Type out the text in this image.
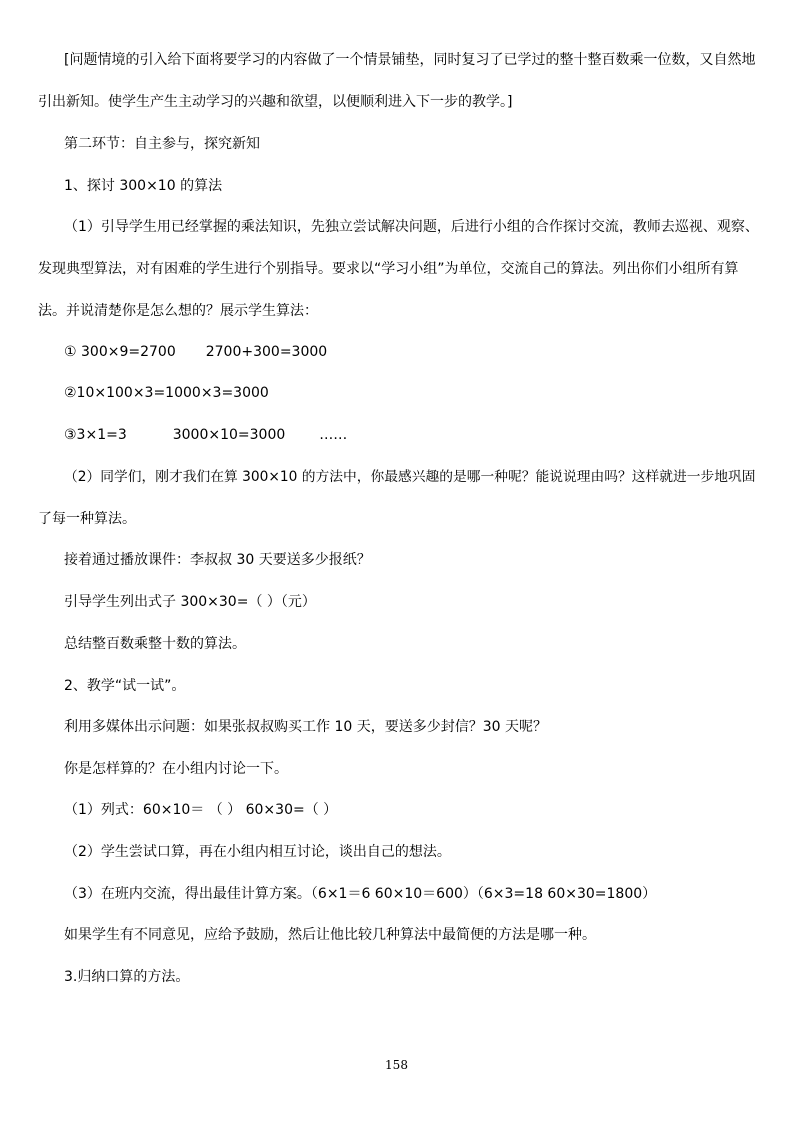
[问题情境的引入给下面将要学习的内容做了一个情景铺垫，同时复习了已学过的整十整百数乘一位数，又自然地
引出新知。使学生产生主动学习的兴趣和欲望，以便顺利进入下一步的教学。]
第二环节：自主参与，探究新知
1、探讨 300×10 的算法
（1）引导学生用已经掌握的乘法知识，先独立尝试解决问题，后进行小组的合作探讨交流，教师去巡视、观察、
发现典型算法，对有困难的学生进行个别指导。要求以“学习小组”为单位，交流自己的算法。列出你们小组所有算
法。并说清楚你是怎么想的？展示学生算法：
① 300×9=2700 2700+300=3000
②10×100×3=1000×3=3000
③3×1=3	3000×10=3000 ……
（2）同学们，刚才我们在算 300×10 的方法中，你最感兴趣的是哪一种呢？能说说理由吗？这样就进一步地巩固
了每一种算法。
接着通过播放课件：李叔叔 30 天要送多少报纸？
引导学生列出式子 300×30=（ ）（元）
总结整百数乘整十数的算法。
2、教学“试一试”。
利用多媒体出示问题：如果张叔叔购买工作 10 天，要送多少封信？30 天呢？
你是怎样算的？在小组内讨论一下。
（1）列式：60×10＝ （ ） 60×30=（ ）
（2）学生尝试口算，再在小组内相互讨论，谈出自己的想法。
（3）在班内交流，得出最佳计算方案。（6×1＝6 60×10＝600）（6×3=18 60×30=1800）
如果学生有不同意见，应给予鼓励，然后让他比较几种算法中最简便的方法是哪一种。
3.归纳口算的方法。
158
